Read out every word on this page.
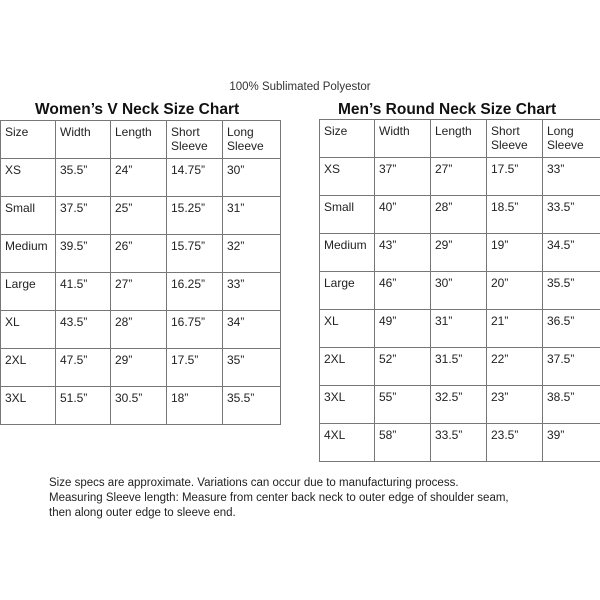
100% Sublimated Polyestor
Women’s V Neck Size Chart	Men’s Round Neck Size Chart
Size	Width	Length	Short Sleeve	Long Sleeve
XS	35.5”	24”	14.75”	30”
Small	37.5”	25”	15.25”	31”
Medium	39.5”	26”	15.75”	32”
Large	41.5”	27”	16.25”	33”
XL	43.5”	28”	16.75”	34”
2XL	47.5”	29”	17.5”	35”
3XL	51.5”	30.5”	18”	35.5”
Size	Width	Length	Short Sleeve	Long Sleeve
XS	37”	27”	17.5”	33”
Small	40”	28”	18.5”	33.5”
Medium	43”	29”	19”	34.5”
Large	46”	30”	20”	35.5”
XL	49”	31”	21”	36.5”
2XL	52”	31.5”	22”	37.5”
3XL	55”	32.5”	23”	38.5”
4XL	58”	33.5”	23.5”	39”
Size specs are approximate. Variations can occur due to manufacturing process.
Measuring Sleeve length: Measure from center back neck to outer edge of shoulder seam,
then along outer edge to sleeve end.
